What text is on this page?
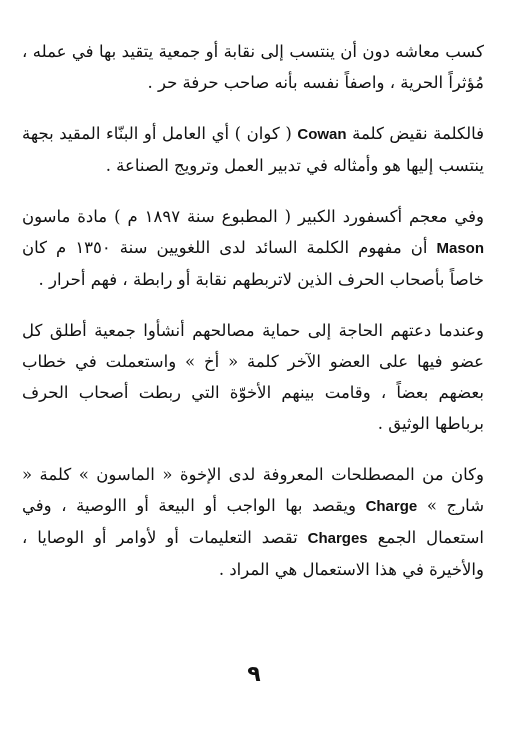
كسب معاشه دون أن ينتسب إلى نقابة أو جمعية يتقيد بها في عمله ، مُؤثراً الحرية ، واصفاً نفسه بأنه صاحب حرفة حر .

فالكلمة نقيض كلمة Cowan ( كوان ) أي العامل أو البنّاء المقيد بجهة ينتسب إليها هو وأمثاله في تدبير العمل وترويج الصناعة .

وفي معجم أكسفورد الكبير ( المطبوع سنة ١٨٩٧ م ) مادة ماسون Mason أن مفهوم الكلمة السائد لدى اللغويين سنة ١٣٥٠ م كان خاصاً بأصحاب الحرف الذين لاتربطهم نقابة أو رابطة ، فهم أحرار .

وعندما دعتهم الحاجة إلى حماية مصالحهم أنشأوا جمعية أطلق كل عضو فيها على العضو الآخر كلمة « أخ » واستعملت في خطاب بعضهم بعضاً ، وقامت بينهم الأخوّة التي ربطت أصحاب الحرف برباطها الوثيق .

وكان من المصطلحات المعروفة لدى الإخوة « الماسون » كلمة « شارج » Charge ويقصد بها الواجب أو البيعة أو االوصية ، وفي استعمال الجمع Charges تقصد التعليمات أو لأوامر أو الوصايا ، والأخيرة في هذا الاستعمال هي المراد .

٩
